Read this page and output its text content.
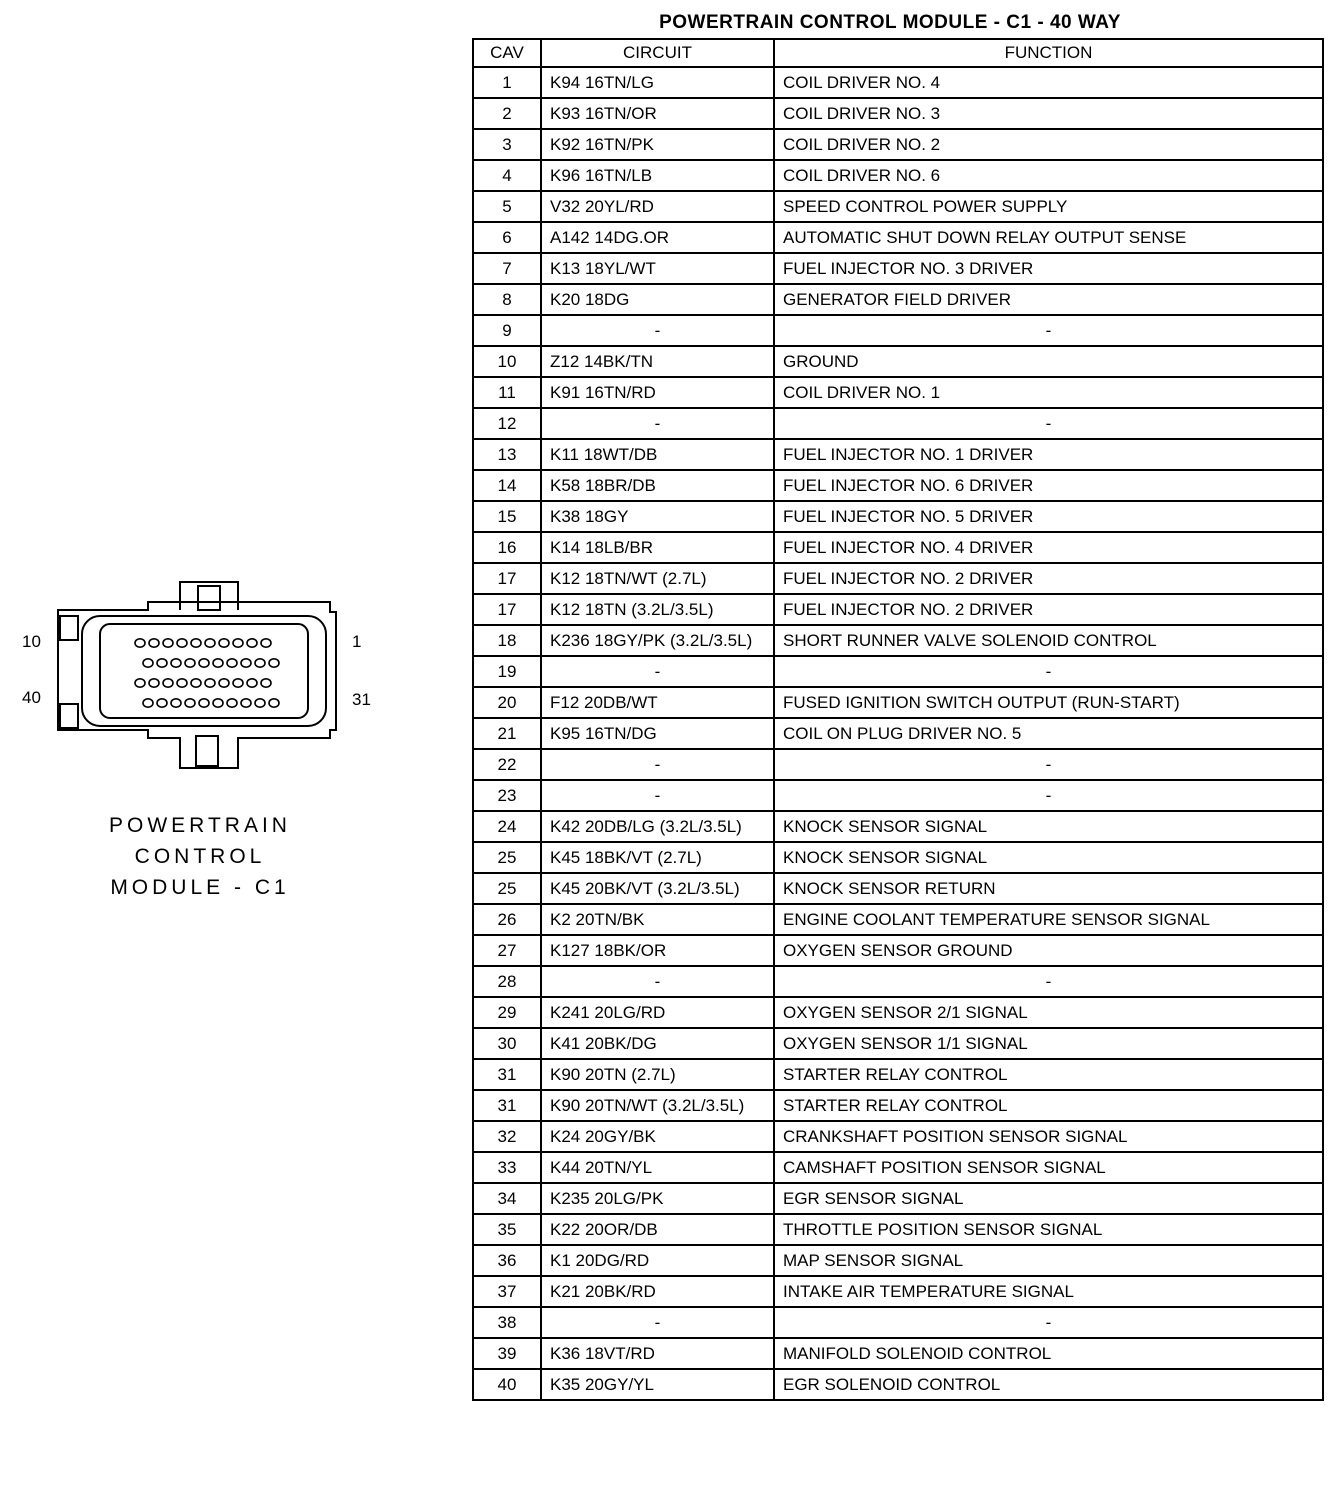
10	1
40	31
POWERTRAIN
CONTROL
MODULE - C1
POWERTRAIN CONTROL MODULE - C1 - 40 WAY
CAV	CIRCUIT	FUNCTION
1	K94 16TN/LG	COIL DRIVER NO. 4
2	K93 16TN/OR	COIL DRIVER NO. 3
3	K92 16TN/PK	COIL DRIVER NO. 2
4	K96 16TN/LB	COIL DRIVER NO. 6
5	V32 20YL/RD	SPEED CONTROL POWER SUPPLY
6	A142 14DG.OR	AUTOMATIC SHUT DOWN RELAY OUTPUT SENSE
7	K13 18YL/WT	FUEL INJECTOR NO. 3 DRIVER
8	K20 18DG	GENERATOR FIELD DRIVER
9	-	-
10	Z12 14BK/TN	GROUND
11	K91 16TN/RD	COIL DRIVER NO. 1
12	-	-
13	K11 18WT/DB	FUEL INJECTOR NO. 1 DRIVER
14	K58 18BR/DB	FUEL INJECTOR NO. 6 DRIVER
15	K38 18GY	FUEL INJECTOR NO. 5 DRIVER
16	K14 18LB/BR	FUEL INJECTOR NO. 4 DRIVER
17	K12 18TN/WT (2.7L)	FUEL INJECTOR NO. 2 DRIVER
17	K12 18TN (3.2L/3.5L)	FUEL INJECTOR NO. 2 DRIVER
18	K236 18GY/PK (3.2L/3.5L)	SHORT RUNNER VALVE SOLENOID CONTROL
19	-	-
20	F12 20DB/WT	FUSED IGNITION SWITCH OUTPUT (RUN-START)
21	K95 16TN/DG	COIL ON PLUG DRIVER NO. 5
22	-	-
23	-	-
24	K42 20DB/LG (3.2L/3.5L)	KNOCK SENSOR SIGNAL
25	K45 18BK/VT (2.7L)	KNOCK SENSOR SIGNAL
25	K45 20BK/VT (3.2L/3.5L)	KNOCK SENSOR RETURN
26	K2 20TN/BK	ENGINE COOLANT TEMPERATURE SENSOR SIGNAL
27	K127 18BK/OR	OXYGEN SENSOR GROUND
28	-	-
29	K241 20LG/RD	OXYGEN SENSOR 2/1 SIGNAL
30	K41 20BK/DG	OXYGEN SENSOR 1/1 SIGNAL
31	K90 20TN (2.7L)	STARTER RELAY CONTROL
31	K90 20TN/WT (3.2L/3.5L)	STARTER RELAY CONTROL
32	K24 20GY/BK	CRANKSHAFT POSITION SENSOR SIGNAL
33	K44 20TN/YL	CAMSHAFT POSITION SENSOR SIGNAL
34	K235 20LG/PK	EGR SENSOR SIGNAL
35	K22 20OR/DB	THROTTLE POSITION SENSOR SIGNAL
36	K1 20DG/RD	MAP SENSOR SIGNAL
37	K21 20BK/RD	INTAKE AIR TEMPERATURE SIGNAL
38	-	-
39	K36 18VT/RD	MANIFOLD SOLENOID CONTROL
40	K35 20GY/YL	EGR SOLENOID CONTROL
